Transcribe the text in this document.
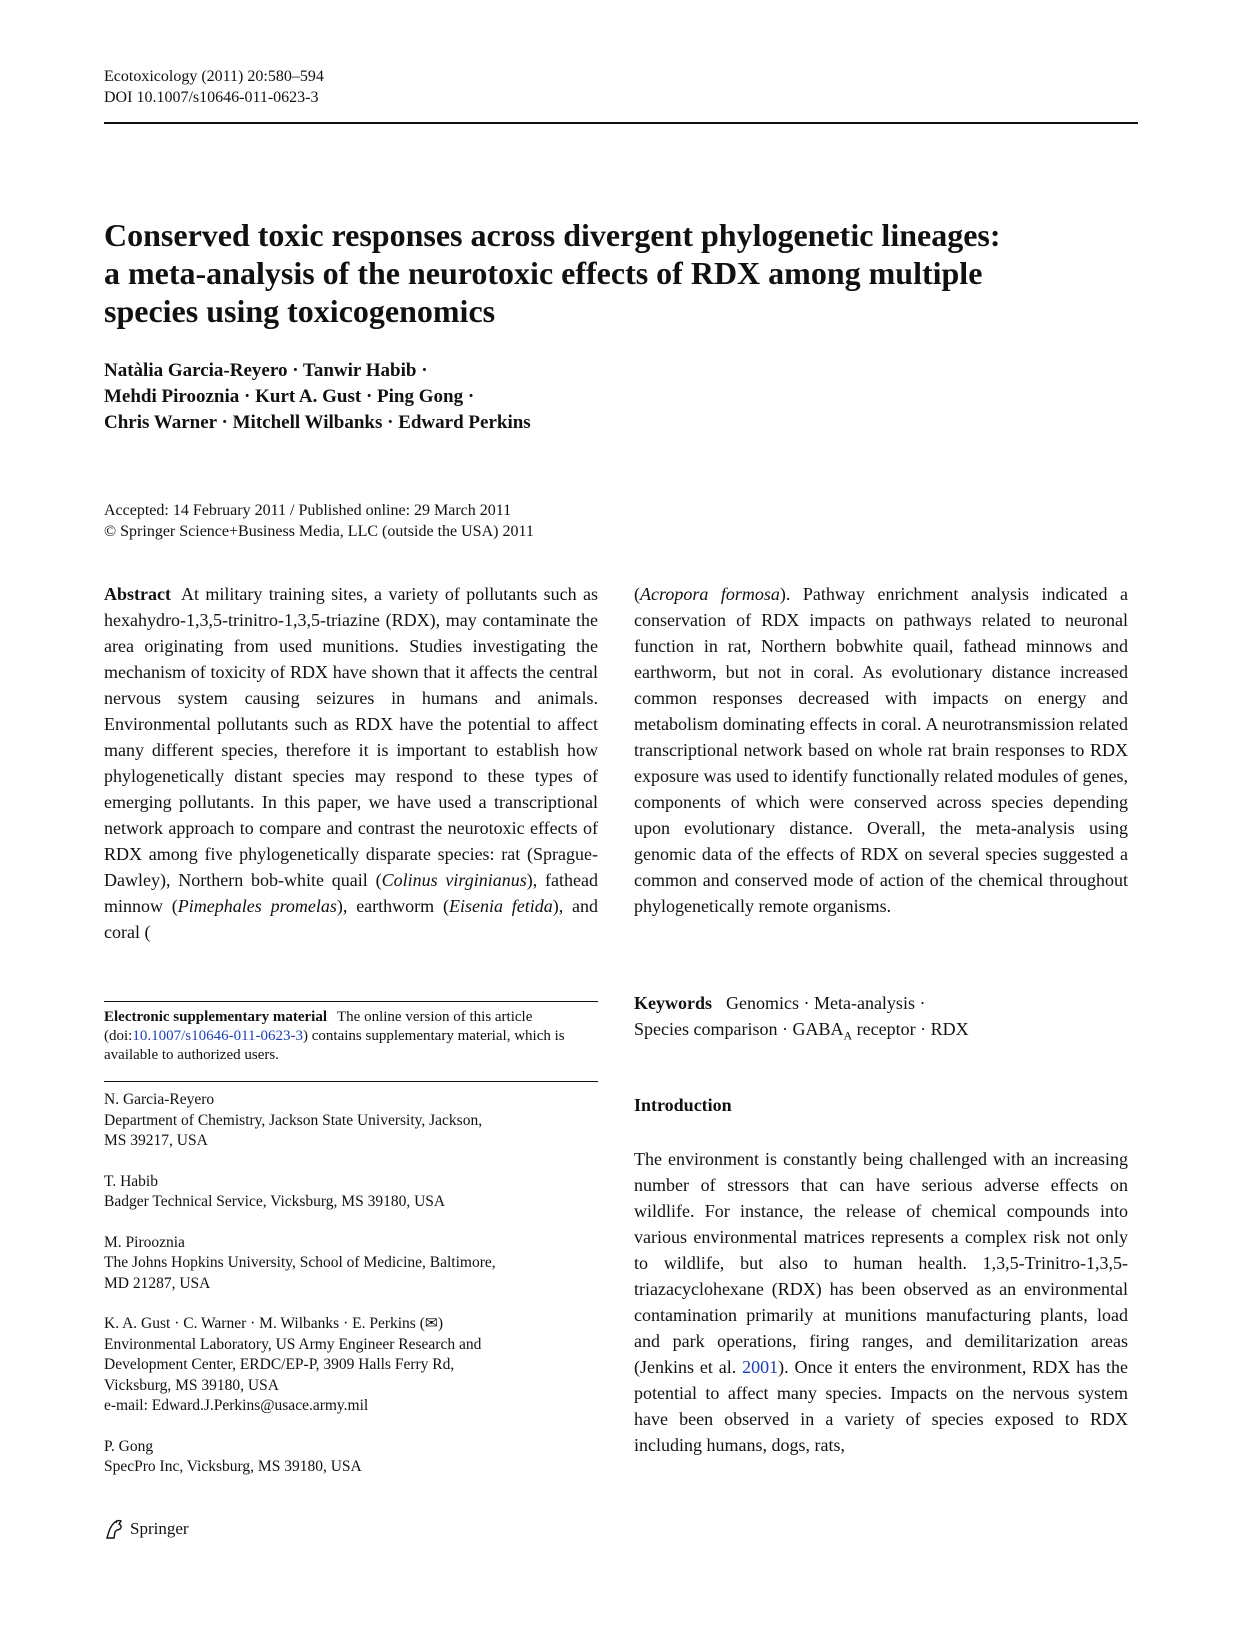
Ecotoxicology (2011) 20:580–594
DOI 10.1007/s10646-011-0623-3
Conserved toxic responses across divergent phylogenetic lineages:
a meta-analysis of the neurotoxic effects of RDX among multiple
species using toxicogenomics
Natàlia Garcia-Reyero · Tanwir Habib ·
Mehdi Pirooznia · Kurt A. Gust · Ping Gong ·
Chris Warner · Mitchell Wilbanks · Edward Perkins
Accepted: 14 February 2011 / Published online: 29 March 2011
© Springer Science+Business Media, LLC (outside the USA) 2011

Abstract At military training sites, a variety of pollutants such as hexahydro-1,3,5-trinitro-1,3,5-triazine (RDX), may contaminate the area originating from used munitions. Studies investigating the mechanism of toxicity of RDX have shown that it affects the central nervous system causing seizures in humans and animals. Environmental pollutants such as RDX have the potential to affect many different species, therefore it is important to establish how phylogenetically distant species may respond to these types of emerging pollutants. In this paper, we have used a transcriptional network approach to compare and contrast the neurotoxic effects of RDX among five phylogenetically disparate species: rat (Sprague-Dawley), Northern bob-white quail (Colinus virginianus), fathead minnow (Pimephales promelas), earthworm (Eisenia fetida), and coral (

(Acropora formosa). Pathway enrichment analysis indicated a conservation of RDX impacts on pathways related to neuronal function in rat, Northern bobwhite quail, fathead minnows and earthworm, but not in coral. As evolutionary distance increased common responses decreased with impacts on energy and metabolism dominating effects in coral. A neurotransmission related transcriptional network based on whole rat brain responses to RDX exposure was used to identify functionally related modules of genes, components of which were conserved across species depending upon evolutionary distance. Overall, the meta-analysis using genomic data of the effects of RDX on several species suggested a common and conserved mode of action of the chemical throughout phylogenetically remote organisms.

Keywords Genomics · Meta-analysis ·
Species comparison · $GABA_A$ receptor · RDX
Electronic supplementary material The online version of this article (doi:10.1007/s10646-011-0623-3) contains supplementary material, which is available to authorized users.
N. Garcia-Reyero
Department of Chemistry, Jackson State University, Jackson,
MS 39217, USA
T. Habib
Badger Technical Service, Vicksburg, MS 39180, USA
M. Pirooznia
The Johns Hopkins University, School of Medicine, Baltimore,
MD 21287, USA
K. A. Gust · C. Warner · M. Wilbanks · E. Perkins (✉)
Environmental Laboratory, US Army Engineer Research and
Development Center, ERDC/EP-P, 3909 Halls Ferry Rd,
Vicksburg, MS 39180, USA
e-mail: Edward.J.Perkins@usace.army.mil
P. Gong
SpecPro Inc, Vicksburg, MS 39180, USA
Introduction

The environment is constantly being challenged with an increasing number of stressors that can have serious adverse effects on wildlife. For instance, the release of chemical compounds into various environmental matrices represents a complex risk not only to wildlife, but also to human health. 1,3,5-Trinitro-1,3,5-triazacyclohexane (RDX) has been observed as an environmental contamination primarily at munitions manufacturing plants, load and park operations, firing ranges, and demilitarization areas (Jenkins et al. 2001). Once it enters the environment, RDX has the potential to affect many species. Impacts on the nervous system have been observed in a variety of species exposed to RDX including humans, dogs, rats,

Springer
